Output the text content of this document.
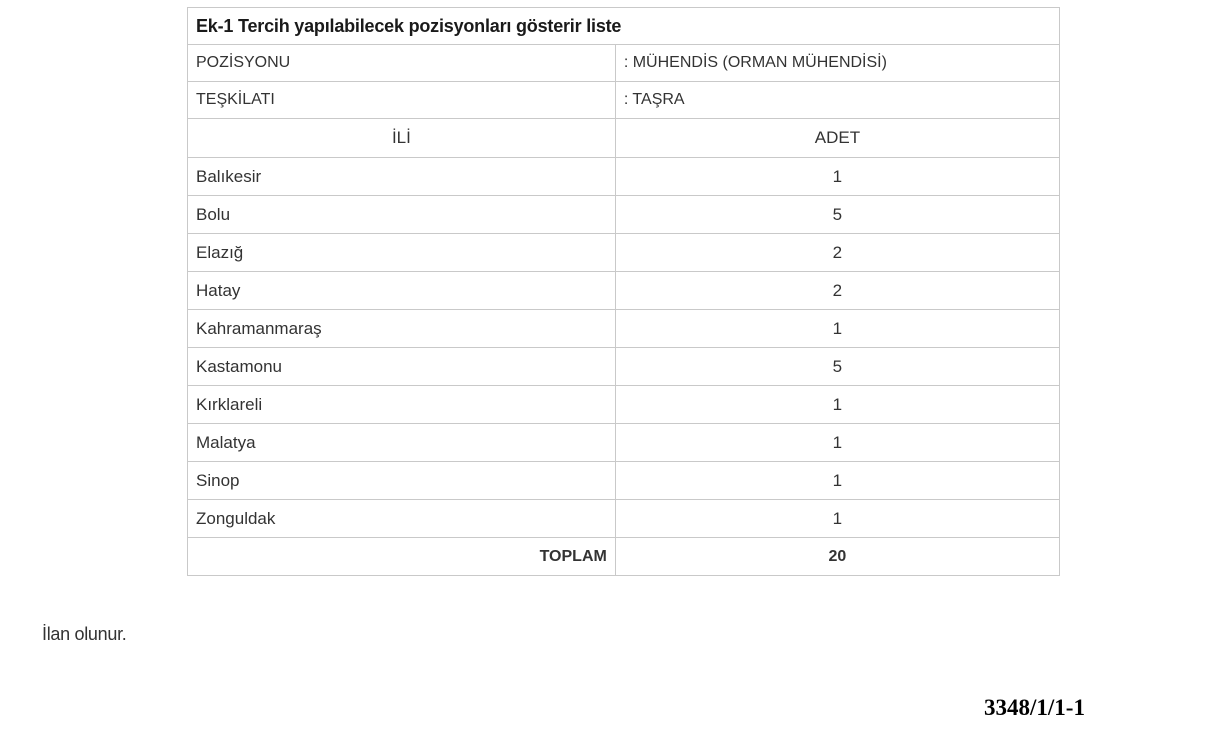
Ek-1 Tercih yapılabilecek pozisyonları gösterir liste	
POZİSYONU	: MÜHENDİS (ORMAN MÜHENDİSİ)
TEŞKİLATI	: TAŞRA
İLİ	ADET
Balıkesir	1
Bolu	5
Elazığ	2
Hatay	2
Kahramanmaraş	1
Kastamonu	5
Kırklareli	1
Malatya	1
Sinop	1
Zonguldak	1
TOPLAM	20
İlan olunur.
3348/1/1-1
